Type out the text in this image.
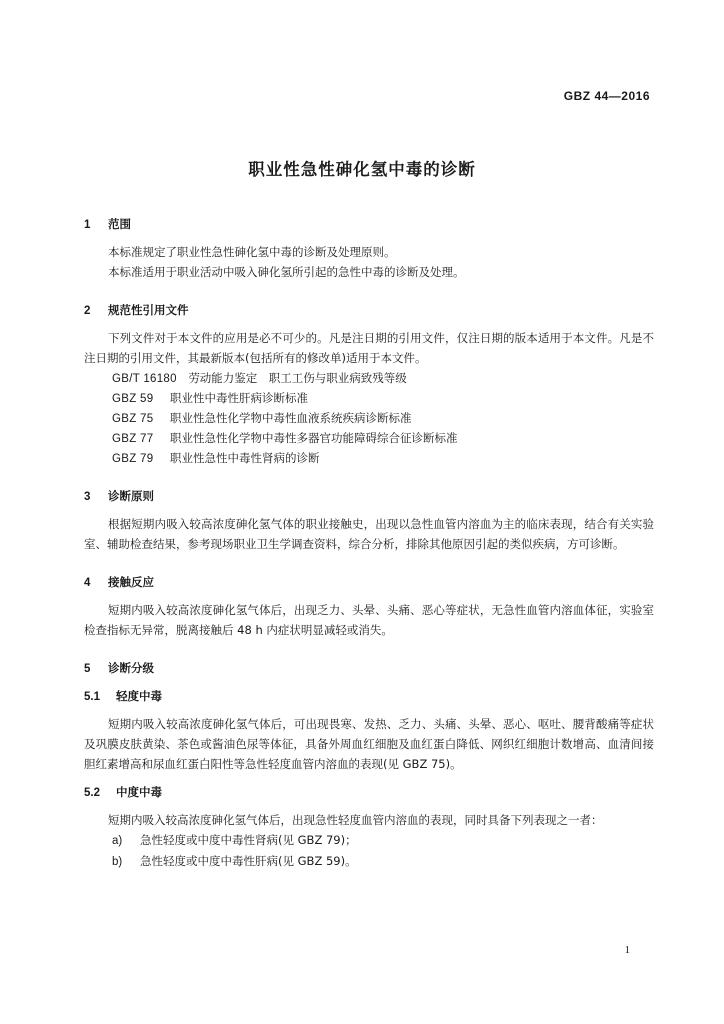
GBZ 44—2016
职业性急性砷化氢中毒的诊断
1 范围

本标准规定了职业性急性砷化氢中毒的诊断及处理原则。

本标准适用于职业活动中吸入砷化氢所引起的急性中毒的诊断及处理。

2 规范性引用文件

下列文件对于本文件的应用是必不可少的。凡是注日期的引用文件，仅注日期的版本适用于本文件。凡是不注日期的引用文件，其最新版本(包括所有的修改单)适用于本文件。

GB/T 16180　 劳动能力鉴定　职工工伤与职业病致残等级
GBZ 59 职业性中毒性肝病诊断标准
GBZ 75 职业性急性化学物中毒性血液系统疾病诊断标准
GBZ 77 职业性急性化学物中毒性多器官功能障碍综合征诊断标准
GBZ 79 职业性急性中毒性肾病的诊断
3 诊断原则

根据短期内吸入较高浓度砷化氢气体的职业接触史，出现以急性血管内溶血为主的临床表现，结合有关实验室、辅助检查结果，参考现场职业卫生学调查资料，综合分析，排除其他原因引起的类似疾病，方可诊断。

4 接触反应

短期内吸入较高浓度砷化氢气体后，出现乏力、头晕、头痛、恶心等症状，无急性血管内溶血体征，实验室检查指标无异常，脱离接触后 48 h 内症状明显减轻或消失。

5 诊断分级
5.1 轻度中毒

短期内吸入较高浓度砷化氢气体后，可出现畏寒、发热、乏力、头痛、头晕、恶心、呕吐、腰背酸痛等症状及巩膜皮肤黄染、茶色或酱油色尿等体征，具备外周血红细胞及血红蛋白降低、网织红细胞计数增高、血清间接胆红素增高和尿血红蛋白阳性等急性轻度血管内溶血的表现(见 GBZ 75)。

5.2 中度中毒

短期内吸入较高浓度砷化氢气体后，出现急性轻度血管内溶血的表现，同时具备下列表现之一者：

a) 急性轻度或中度中毒性肾病(见 GBZ 79)；
b) 急性轻度或中度中毒性肝病(见 GBZ 59)。
1
